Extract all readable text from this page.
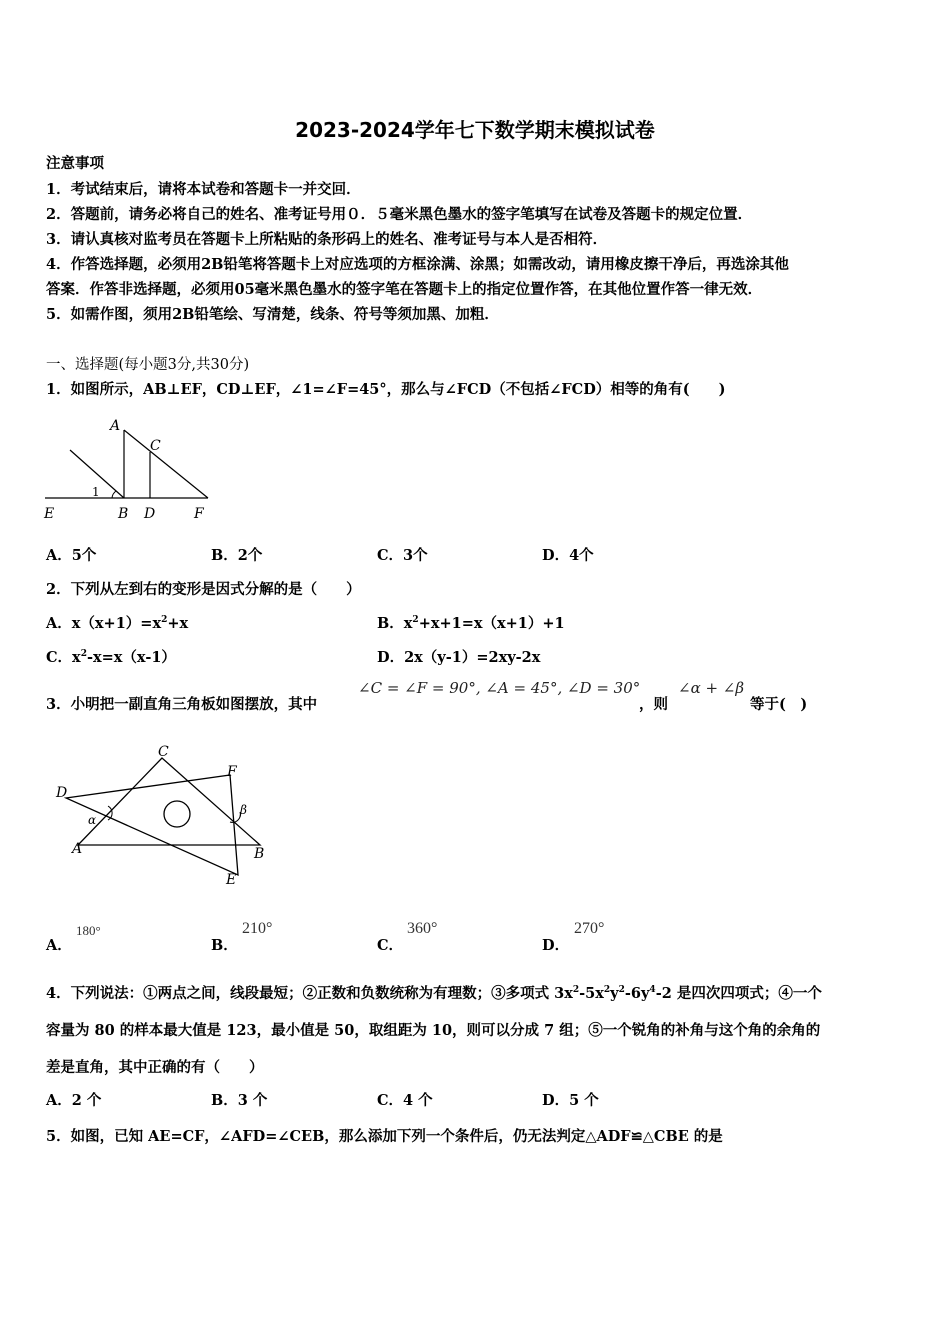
2023-2024学年七下数学期末模拟试卷
注意事项
1．考试结束后，请将本试卷和答题卡一并交回．
2．答题前，请务必将自己的姓名、准考证号用０．５毫米黑色墨水的签字笔填写在试卷及答题卡的规定位置．
3．请认真核对监考员在答题卡上所粘贴的条形码上的姓名、准考证号与本人是否相符．
4．作答选择题，必须用2B铅笔将答题卡上对应选项的方框涂满、涂黑；如需改动，请用橡皮擦干净后，再选涂其他
答案．作答非选择题，必须用05毫米黑色墨水的签字笔在答题卡上的指定位置作答，在其他位置作答一律无效．
5．如需作图，须用2B铅笔绘、写清楚，线条、符号等须加黑、加粗．
一、选择题(每小题3分,共30分)
1．如图所示，AB⊥EF，CD⊥EF，∠1=∠F=45°，那么与∠FCD（不包括∠FCD）相等的角有(　　)
A
C
1
E	B D	F
A．5个	B．2个	C．3个	D．4个
2．下列从左到右的变形是因式分解的是（　　）
A．$x(x+1)=x^2+x$	B．$x^2+x+1=x(x+1)+1$
C．$x^2-x=x(x-1)$	D．2x（y-1）=2xy-2x
3．小明把一副直角三角板如图摆放，其中
∠C = ∠F = 90°, ∠A = 45°, ∠D = 30°
，则
∠α + ∠β
等于(　)
C
F
D
α
β
A	B
E
A．
180°
B．
210°
C．
360°
D．
270°
4．下列说法：①两点之间，线段最短；②正数和负数统称为有理数；③多项式 $3x^2-5x^2y^2-6y^4-2$ 是四次四项式；④一个
容量为 80 的样本最大值是 123，最小值是 50，取组距为 10，则可以分成 7 组；⑤一个锐角的补角与这个角的余角的
差是直角，其中正确的有（　　）
A．2 个	B．3 个	C．4 个	D．5 个
5．如图，已知 AE=CF，∠AFD=∠CEB，那么添加下列一个条件后，仍无法判定△ADF≌△CBE 的是
